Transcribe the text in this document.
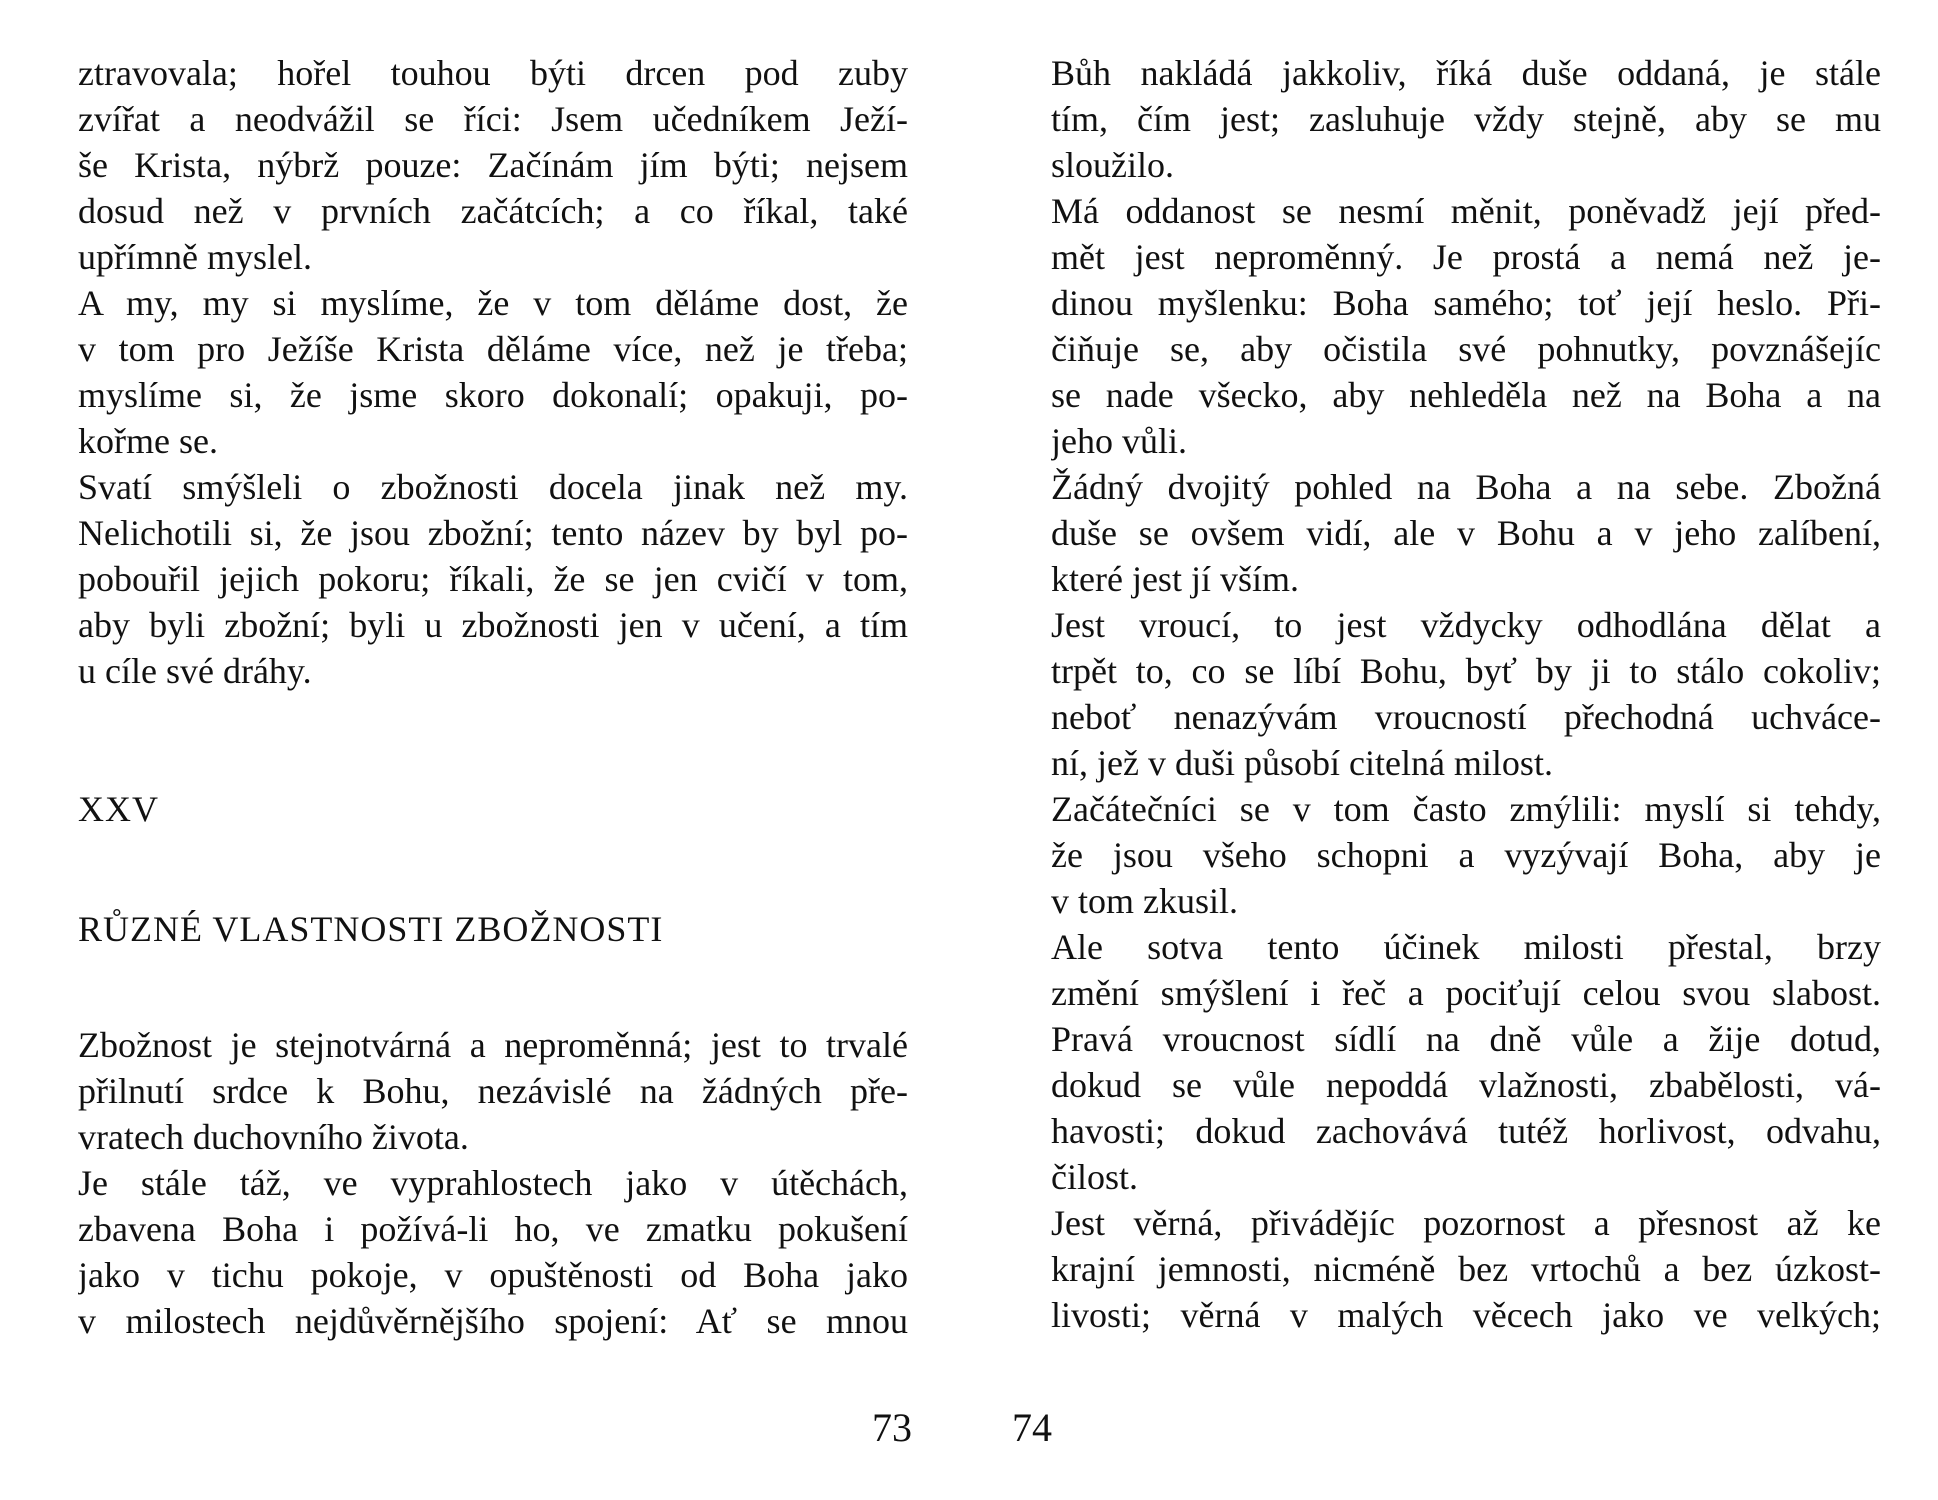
ztravovala; hořel touhou býti drcen pod zuby
zvířat a neodvážil se říci: Jsem učedníkem Ježí-
še Krista, nýbrž pouze: Začínám jím býti; nejsem
dosud než v prvních začátcích; a co říkal, také
upřímně myslel.
A my, my si myslíme, že v tom děláme dost, že
v tom pro Ježíše Krista děláme více, než je třeba;
myslíme si, že jsme skoro dokonalí; opakuji, po-
kořme se.
Svatí smýšleli o zbožnosti docela jinak než my.
Nelichotili si, že jsou zbožní; tento název by byl po-
pobouřil jejich pokoru; říkali, že se jen cvičí v tom,
aby byli zbožní; byli u zbožnosti jen v učení, a tím
u cíle své dráhy.
XXV
RŮZNÉ VLASTNOSTI ZBOŽNOSTI
Zbožnost je stejnotvárná a neproměnná; jest to trvalé
přilnutí srdce k Bohu, nezávislé na žádných pře-
vratech duchovního života.
Je stále táž, ve vyprahlostech jako v útěchách,
zbavena Boha i požívá-li ho, ve zmatku pokušení
jako v tichu pokoje, v opuštěnosti od Boha jako
v milostech nejdůvěrnějšího spojení: Ať se mnou
73
Bůh nakládá jakkoliv, říká duše oddaná, je stále
tím, čím jest; zasluhuje vždy stejně, aby se mu
sloužilo.
Má oddanost se nesmí měnit, poněvadž její před-
mět jest neproměnný. Je prostá a nemá než je-
dinou myšlenku: Boha samého; toť její heslo. Při-
čiňuje se, aby očistila své pohnutky, povznášejíc
se nade všecko, aby nehleděla než na Boha a na
jeho vůli.
Žádný dvojitý pohled na Boha a na sebe. Zbožná
duše se ovšem vidí, ale v Bohu a v jeho zalíbení,
které jest jí vším.
Jest vroucí, to jest vždycky odhodlána dělat a
trpět to, co se líbí Bohu, byť by ji to stálo cokoliv;
neboť nenazývám vroucností přechodná uchváce-
ní, jež v duši působí citelná milost.
Začátečníci se v tom často zmýlili: myslí si tehdy,
že jsou všeho schopni a vyzývají Boha, aby je
v tom zkusil.
Ale sotva tento účinek milosti přestal, brzy
změní smýšlení i řeč a pociťují celou svou slabost.
Pravá vroucnost sídlí na dně vůle a žije dotud,
dokud se vůle nepoddá vlažnosti, zbabělosti, vá-
havosti; dokud zachovává tutéž horlivost, odvahu,
čilost.
Jest věrná, přivádějíc pozornost a přesnost až ke
krajní jemnosti, nicméně bez vrtochů a bez úzkost-
livosti; věrná v malých věcech jako ve velkých;
74
